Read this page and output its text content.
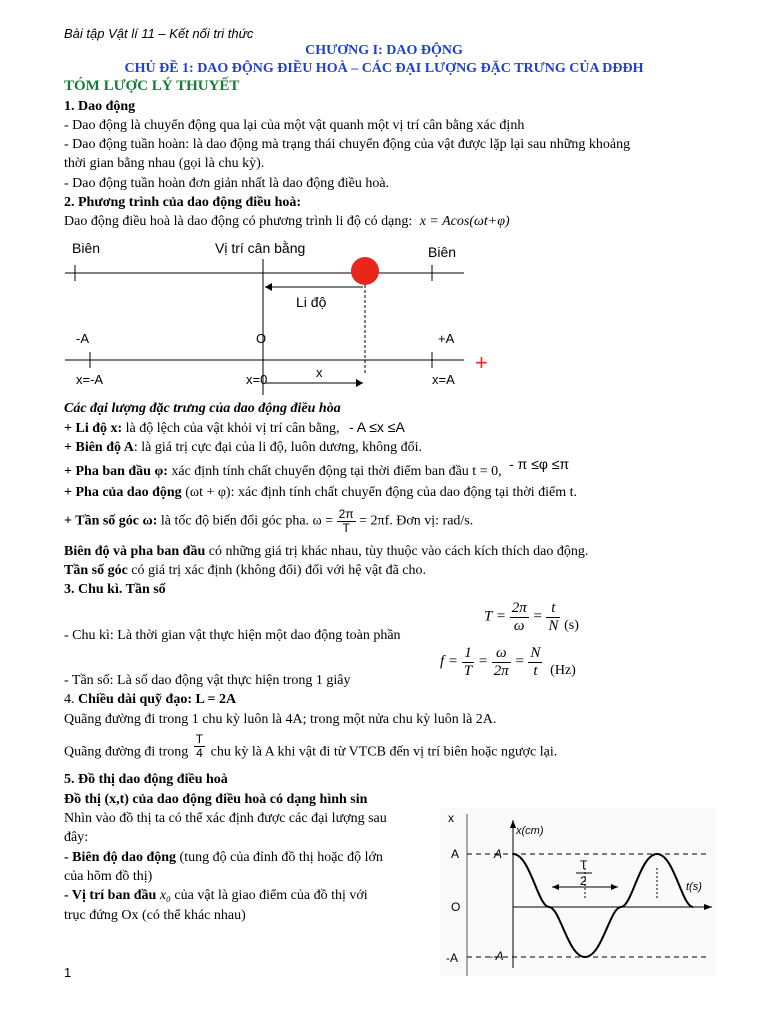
Bài tập Vật lí 11 – Kết nối tri thức
CHƯƠNG I: DAO ĐỘNG
CHỦ ĐỀ 1: DAO ĐỘNG ĐIỀU HOÀ – CÁC ĐẠI LƯỢNG ĐẶC TRƯNG CỦA DĐĐH
TÓM LƯỢC LÝ THUYẾT
1. Dao động
- Dao động là chuyển động qua lại của một vật quanh một vị trí cân bằng xác định
- Dao động tuần hoàn: là dao động mà trạng thái chuyển động của vật được lặp lại sau những khoảng
thời gian bằng nhau (gọi là chu kỳ).
- Dao động tuần hoàn đơn giản nhất là dao động điều hoà.
2. Phương trình của dao động điều hoà:
Dao động điều hoà là dao động có phương trình li độ có dạng: x = Acos(ωt+φ)
Biên	Vị trí cân bằng	Biên
Li độ
-A	O	+A
+
x=-A	x=0	x	x=A
Các đại lượng đặc trưng của dao động điều hòa
+ Li độ x: là độ lệch của vật khỏi vị trí cân bằng, - A ≤x ≤A
+ Biên độ A: là giá trị cực đại của li độ, luôn dương, không đổi.
+ Pha ban đầu φ: xác định tính chất chuyển động tại thời điểm ban đầu t = 0, - π ≤φ ≤π
+ Pha của dao động (ωt + φ): xác định tính chất chuyển động của dao động tại thời điểm t.
+ Tần số góc ω: là tốc độ biến đổi góc pha. $\omega = \frac{2\pi}{T} = 2\pi f$. Đơn vị: rad/s.
Biên độ và pha ban đầu có những giá trị khác nhau, tùy thuộc vào cách kích thích dao động.
Tần số góc có giá trị xác định (không đổi) đối với hệ vật đã cho.
3. Chu kì. Tần số
- Chu kì: Là thời gian vật thực hiện một dao động toàn phần
$T = \frac{2\pi}{\omega} = \frac{t}{N} (s)$
- Tần số: Là số dao động vật thực hiện trong 1 giây
$f = \frac{1}{T} = \frac{\omega}{2\pi} = \frac{N}{t} (Hz)$
4. Chiều dài quỹ đạo: L = 2A
Quãng đường đi trong 1 chu kỳ luôn là 4A; trong một nửa chu kỳ luôn là 2A.
Quãng đường đi trong $\frac{T}{4}$ chu kỳ là A khi vật đi từ VTCB đến vị trí biên hoặc ngược lại.
5. Đồ thị dao động điều hoà
Đồ thị (x,t) của dao động điều hoà có dạng hình sin
Nhìn vào đồ thị ta có thể xác định được các đại lượng sau
đây:
- Biên độ dao động (tung độ của đỉnh đồ thị hoặc độ lớn
của hõm đồ thị)
- Vị trí ban đầu x₀ của vật là giao điểm của đồ thị với
trục đứng Ox (có thể khác nhau)
x
x(cm)
t(s)
A	A
O
-A – A
T
2
1
